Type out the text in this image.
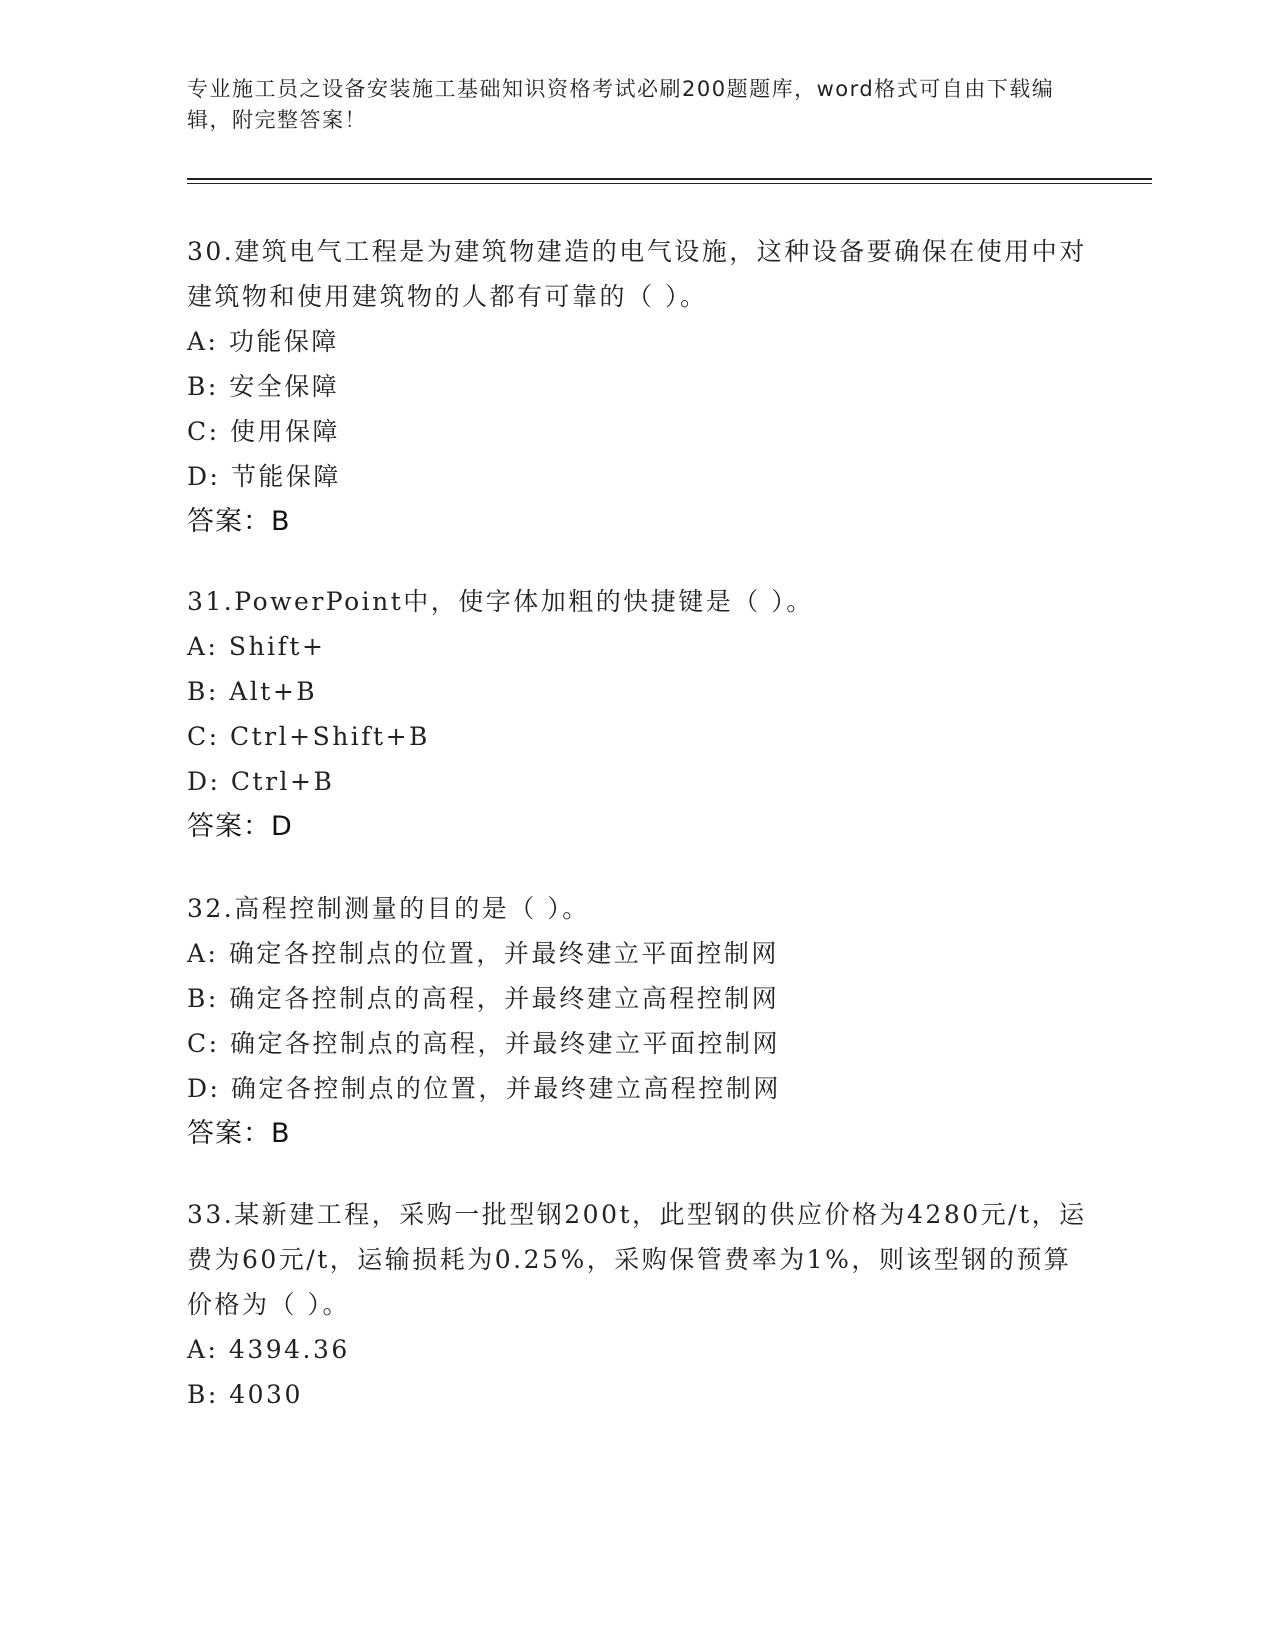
专业施工员之设备安装施工基础知识资格考试必刷200题题库，word格式可自由下载编辑，附完整答案！

30.建筑电气工程是为建筑物建造的电气设施，这种设备要确保在使用中对建筑物和使用建筑物的人都有可靠的（ ）。

A: 功能保障

B: 安全保障

C: 使用保障

D: 节能保障

答案：B

31.PowerPoint中，使字体加粗的快捷键是（ ）。

A: Shift+

B: Alt+B

C: Ctrl+Shift+B

D: Ctrl+B

答案：D

32.高程控制测量的目的是（ ）。

A: 确定各控制点的位置，并最终建立平面控制网

B: 确定各控制点的高程，并最终建立高程控制网

C: 确定各控制点的高程，并最终建立平面控制网

D: 确定各控制点的位置，并最终建立高程控制网

答案：B

33.某新建工程，采购一批型钢200t，此型钢的供应价格为4280元/t，运费为60元/t，运输损耗为0.25%，采购保管费率为1%，则该型钢的预算价格为（ ）。

A: 4394.36

B: 4030
